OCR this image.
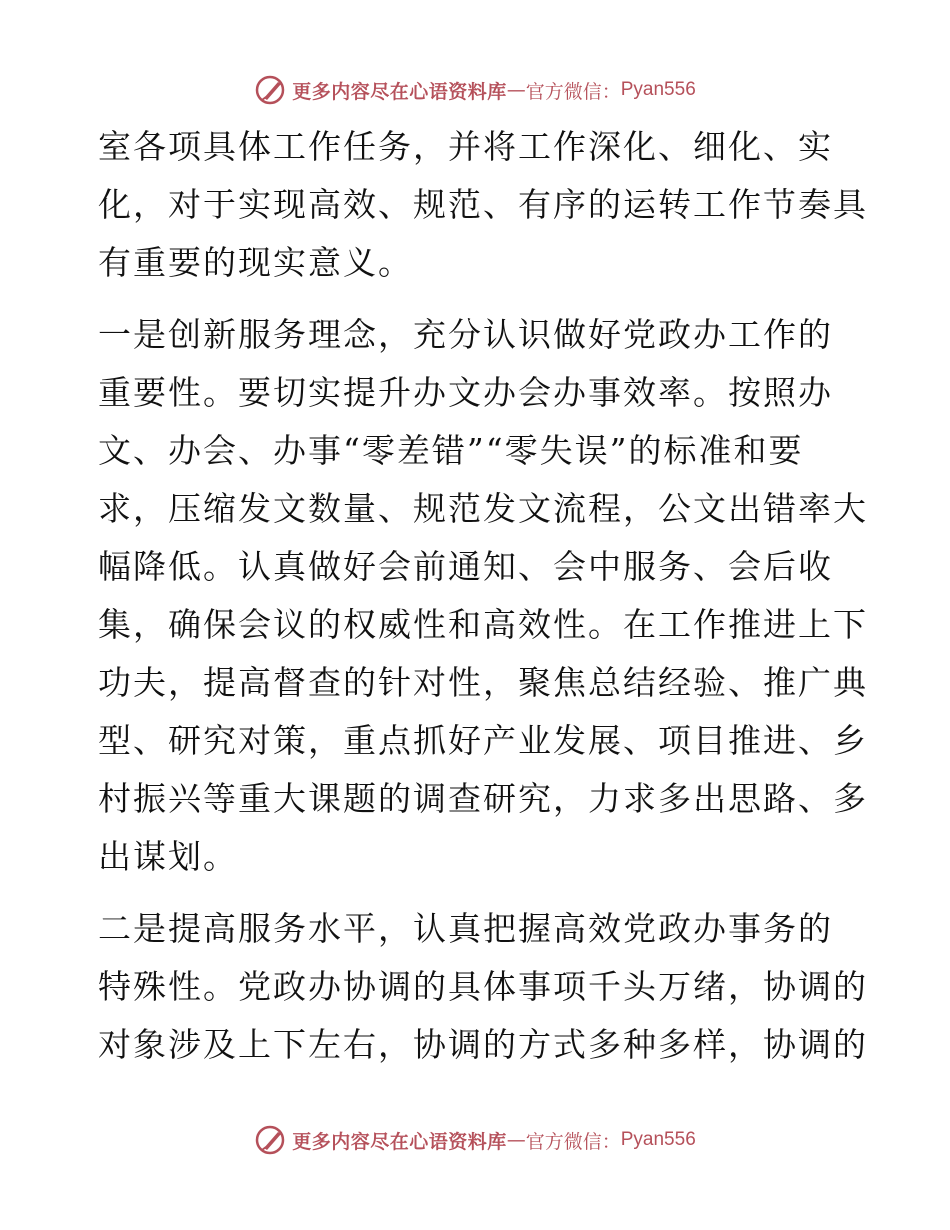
更多内容尽在心语资料库 — 官方微信： Pyan556
室各项具体工作任务，并将工作深化、细化、实
化，对于实现高效、规范、有序的运转工作节奏具
有重要的现实意义。
一是创新服务理念，充分认识做好党政办工作的
重要性。要切实提升办文办会办事效率。按照办
文、办会、办事“零差错”“零失误”的标准和要
求，压缩发文数量、规范发文流程，公文出错率大
幅降低。认真做好会前通知、会中服务、会后收
集，确保会议的权威性和高效性。在工作推进上下
功夫，提高督查的针对性，聚焦总结经验、推广典
型、研究对策，重点抓好产业发展、项目推进、乡
村振兴等重大课题的调查研究，力求多出思路、多
出谋划。
二是提高服务水平，认真把握高效党政办事务的
特殊性。党政办协调的具体事项千头万绪，协调的
对象涉及上下左右，协调的方式多种多样，协调的
更多内容尽在心语资料库 — 官方微信： Pyan556
